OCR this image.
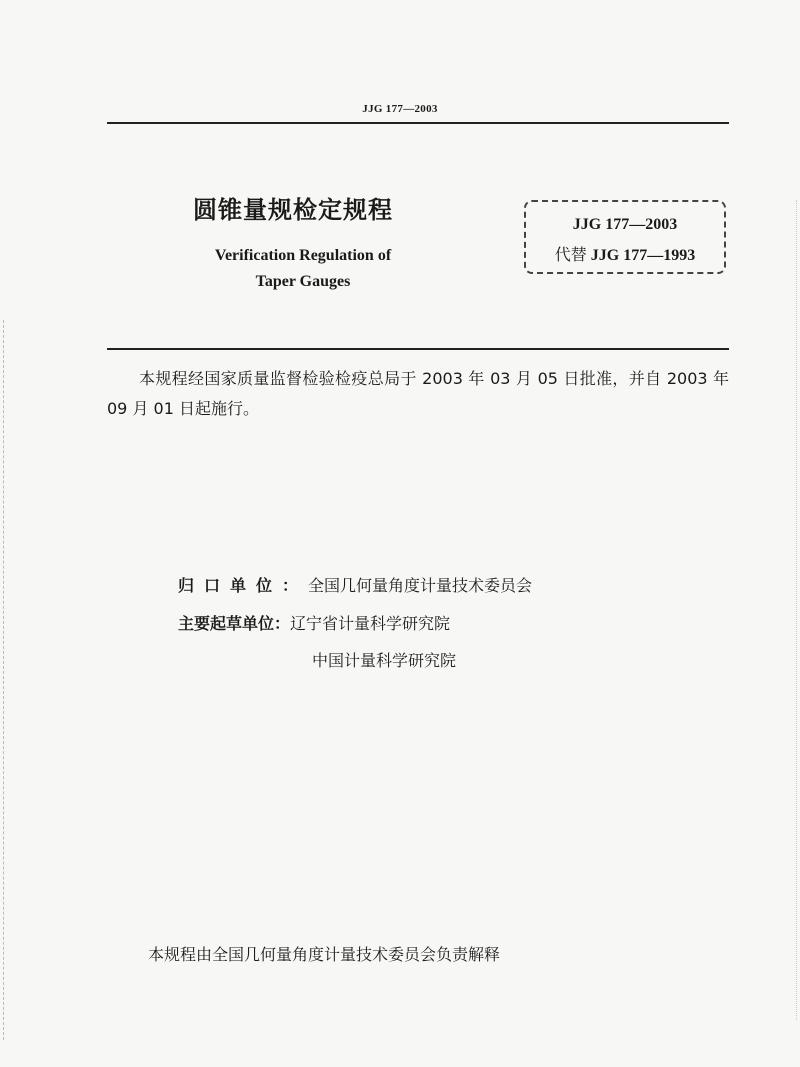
JJG 177—2003
圆锥量规检定规程
Verification Regulation of
Taper Gauges
JJG 177—2003
代替 JJG 177—1993
本规程经国家质量监督检验检疫总局于 2003 年 03 月 05 日批准，并自 2003 年 09 月 01 日起施行。
归口单位：全国几何量角度计量技术委员会
主要起草单位：辽宁省计量科学研究院
中国计量科学研究院
本规程由全国几何量角度计量技术委员会负责解释
